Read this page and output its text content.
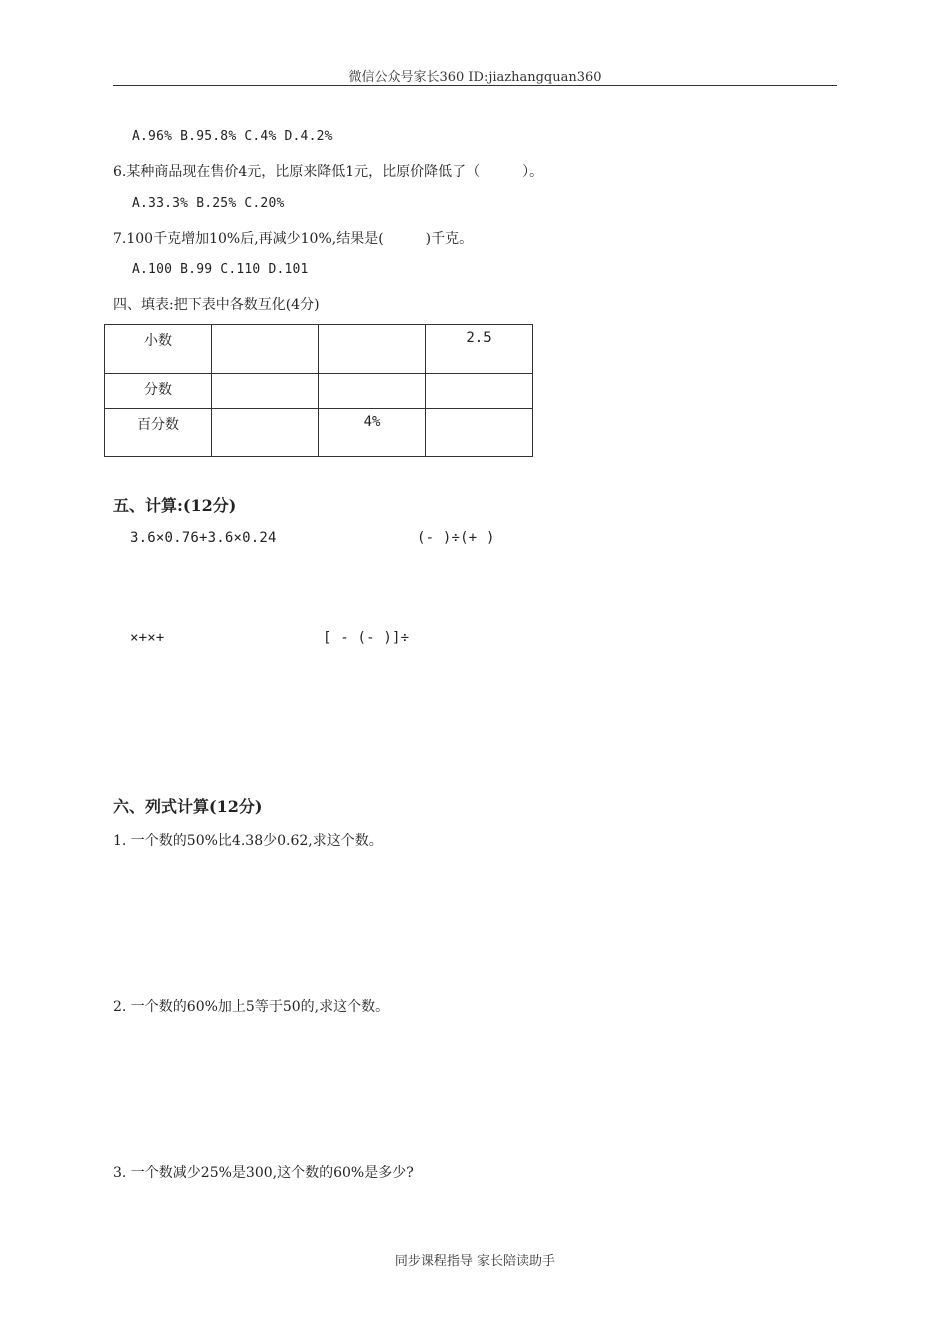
微信公众号家长360 ID:jiazhangquan360
A.96% B.95.8% C.4% D.4.2%
6.某种商品现在售价4元，比原来降低1元，比原价降低了（　　　）。
A.33.3% B.25% C.20%
7.100千克增加10%后,再减少10%,结果是(　　　)千克。
A.100 B.99 C.110 D.101
四、填表:把下表中各数互化(4分)
小数			2.5

分数			

百分数		4%	

五、计算:(12分)
3.6×0.76+3.6×0.24	(- )÷(+ )
×+×+	[ - (- )]÷
六、列式计算(12分)
1. 一个数的50%比4.38少0.62,求这个数。
2. 一个数的60%加上5等于50的,求这个数。
3. 一个数减少25%是300,这个数的60%是多少?
同步课程指导 家长陪读助手
